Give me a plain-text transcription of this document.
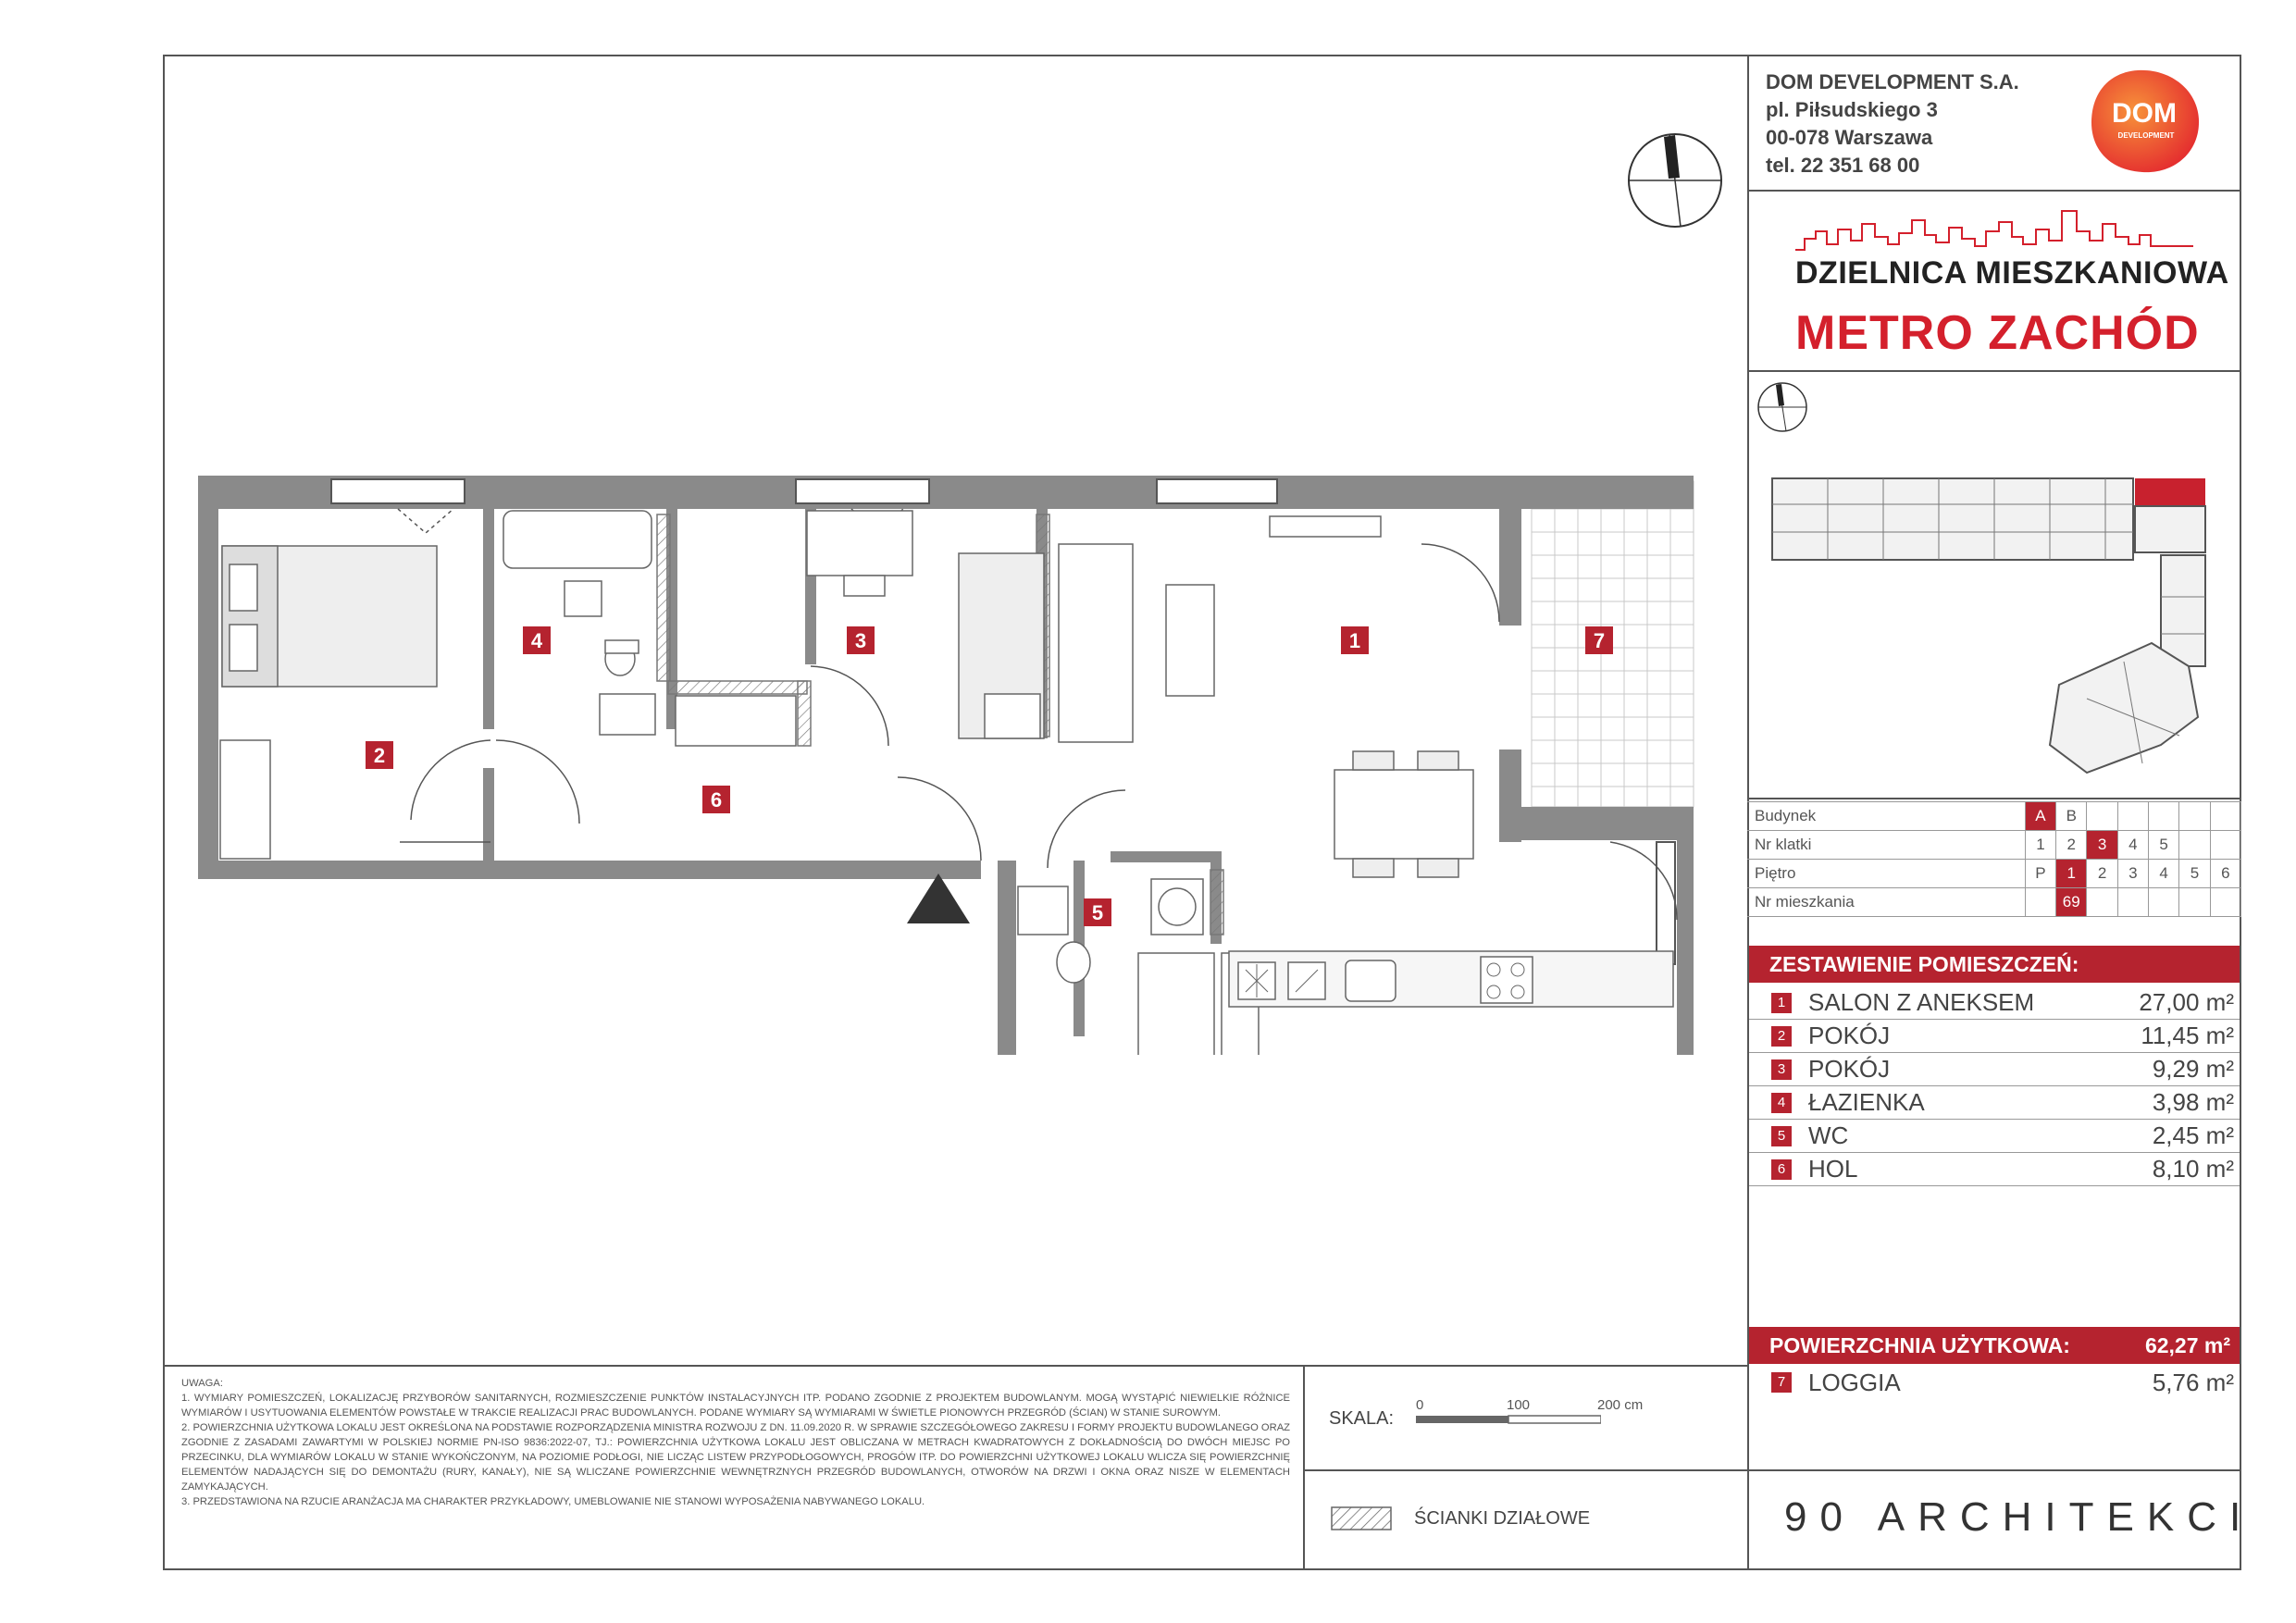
DOM DEVELOPMENT S.A.
pl. Piłsudskiego 3
00-078 Warszawa
tel. 22 351 68 00
DOM
DEVELOPMENT
DZIELNICA MIESZKANIOWA
METRO ZACHÓD
Budynek	A	B					
Nr klatki	1	2	3	4	5		
Piętro	P	1	2	3	4	5	6
Nr mieszkania		69					
ZESTAWIENIE POMIESZCZEŃ:
1 SALON Z ANEKSEM	27,00 m²
2 POKÓJ	11,45 m²
3 POKÓJ	9,29 m²
4 ŁAZIENKA	3,98 m²
5 WC	2,45 m²
6 HOL	8,10 m²
POWIERZCHNIA UŻYTKOWA:	62,27 m²
7 LOGGIA	5,76 m²
90 ARCHITEKCI
UWAGA:
1. WYMIARY POMIESZCZEŃ, LOKALIZACJĘ PRZYBORÓW SANITARNYCH, ROZMIESZCZENIE PUNKTÓW INSTALACYJNYCH ITP. PODANO ZGODNIE Z PROJEKTEM BUDOWLANYM. MOGĄ WYSTĄPIĆ NIEWIELKIE RÓŻNICE WYMIARÓW I USYTUOWANIA ELEMENTÓW POWSTAŁE W TRAKCIE REALIZACJI PRAC BUDOWLANYCH. PODANE WYMIARY SĄ WYMIARAMI W ŚWIETLE PIONOWYCH PRZEGRÓD (ŚCIAN) W STANIE SUROWYM.
2. POWIERZCHNIA UŻYTKOWA LOKALU JEST OKREŚLONA NA PODSTAWIE ROZPORZĄDZENIA MINISTRA ROZWOJU Z DN. 11.09.2020 R. W SPRAWIE SZCZEGÓŁOWEGO ZAKRESU I FORMY PROJEKTU BUDOWLANEGO ORAZ ZGODNIE Z ZASADAMI ZAWARTYMI W POLSKIEJ NORMIE PN-ISO 9836:2022-07, TJ.: POWIERZCHNIA UŻYTKOWA LOKALU JEST OBLICZANA W METRACH KWADRATOWYCH Z DOKŁADNOŚCIĄ DO DWÓCH MIEJSC PO PRZECINKU, DLA WYMIARÓW LOKALU W STANIE WYKOŃCZONYM, NA POZIOMIE PODŁOGI, NIE LICZĄC LISTEW PRZYPODŁOGOWYCH, PROGÓW ITP. DO POWIERZCHNI UŻYTKOWEJ LOKALU WLICZA SIĘ POWIERZCHNIĘ ELEMENTÓW NADAJĄCYCH SIĘ DO DEMONTAŻU (RURY, KANAŁY), NIE SĄ WLICZANE POWIERZCHNIE WEWNĘTRZNYCH PRZEGRÓD BUDOWLANYCH, OTWORÓW NA DRZWI I OKNA ORAZ NISZE W ELEMENTACH ZAMYKAJĄCYCH.
3. PRZEDSTAWIONA NA RZUCIE ARANŻACJA MA CHARAKTER PRZYKŁADOWY, UMEBLOWANIE NIE STANOWI WYPOSAŻENIA NABYWANEGO LOKALU.
SKALA:
0	100	200 cm
ŚCIANKI DZIAŁOWE
1
2
3
4
5
6
7
